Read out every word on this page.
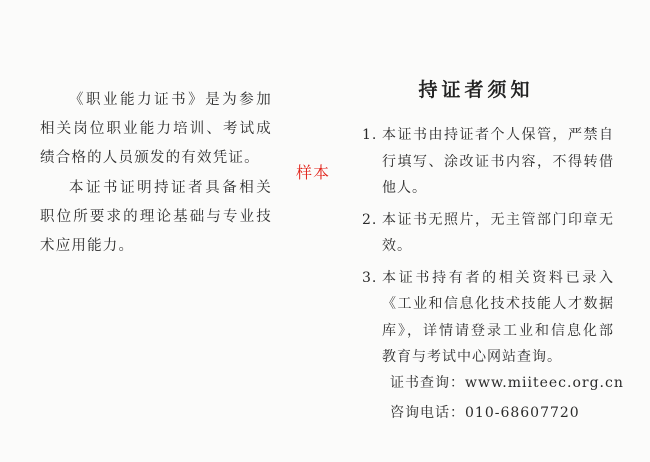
《职业能力证书》是为参加相关岗位职业能力培训、考试成绩合格的人员颁发的有效凭证。

本证书证明持证者具备相关职位所要求的理论基础与专业技术应用能力。

样本
持证者须知
1. 本证书由持证者个人保管，严禁自行填写、涂改证书内容，不得转借他人。
2. 本证书无照片，无主管部门印章无效。
3. 本证书持有者的相关资料已录入《工业和信息化技术技能人才数据库》，详情请登录工业和信息化部教育与考试中心网站查询。
证书查询：www.miiteec.org.cn
咨询电话：010-68607720
